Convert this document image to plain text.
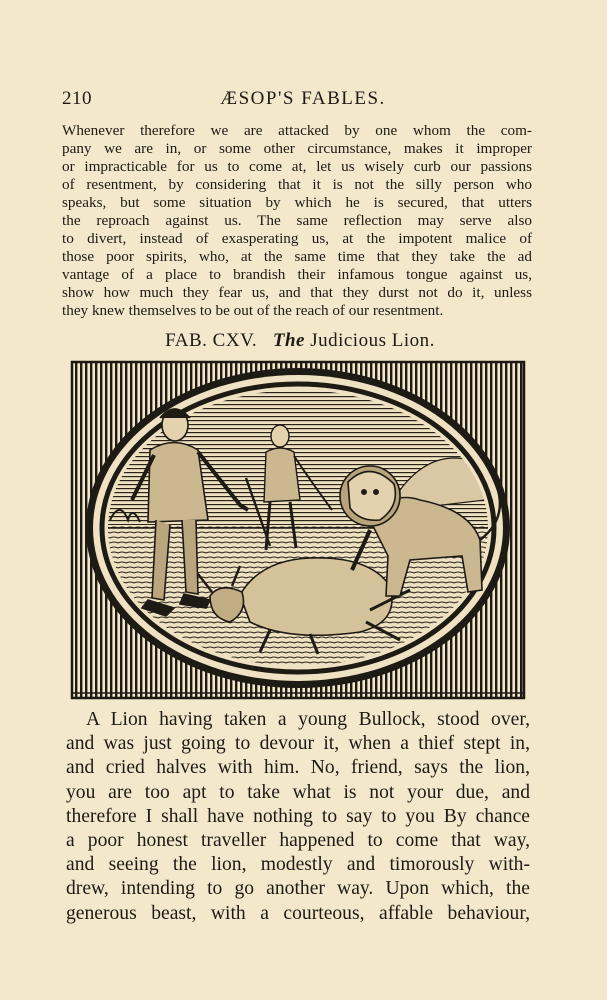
210	ÆSOP'S FABLES.
Whenever therefore we are attacked by one whom the com-
pany we are in, or some other circumstance, makes it improper
or impracticable for us to come at, let us wisely curb our passions
of resentment, by considering that it is not the silly person who
speaks, but some situation by which he is secured, that utters
the reproach against us. The same reflection may serve also
to divert, instead of exasperating us, at the impotent malice of
those poor spirits, who, at the same time that they take the ad
vantage of a place to brandish their infamous tongue against us,
show how much they fear us, and that they durst not do it, unless
they knew themselves to be out of the reach of our resentment.
FAB. CXV. The Judicious Lion.
A Lion having taken a young Bullock, stood over,
and was just going to devour it, when a thief stept in,
and cried halves with him. No, friend, says the lion,
you are too apt to take what is not your due, and
therefore I shall have nothing to say to you By chance
a poor honest traveller happened to come that way,
and seeing the lion, modestly and timorously with-
drew, intending to go another way. Upon which, the
generous beast, with a courteous, affable behaviour,
